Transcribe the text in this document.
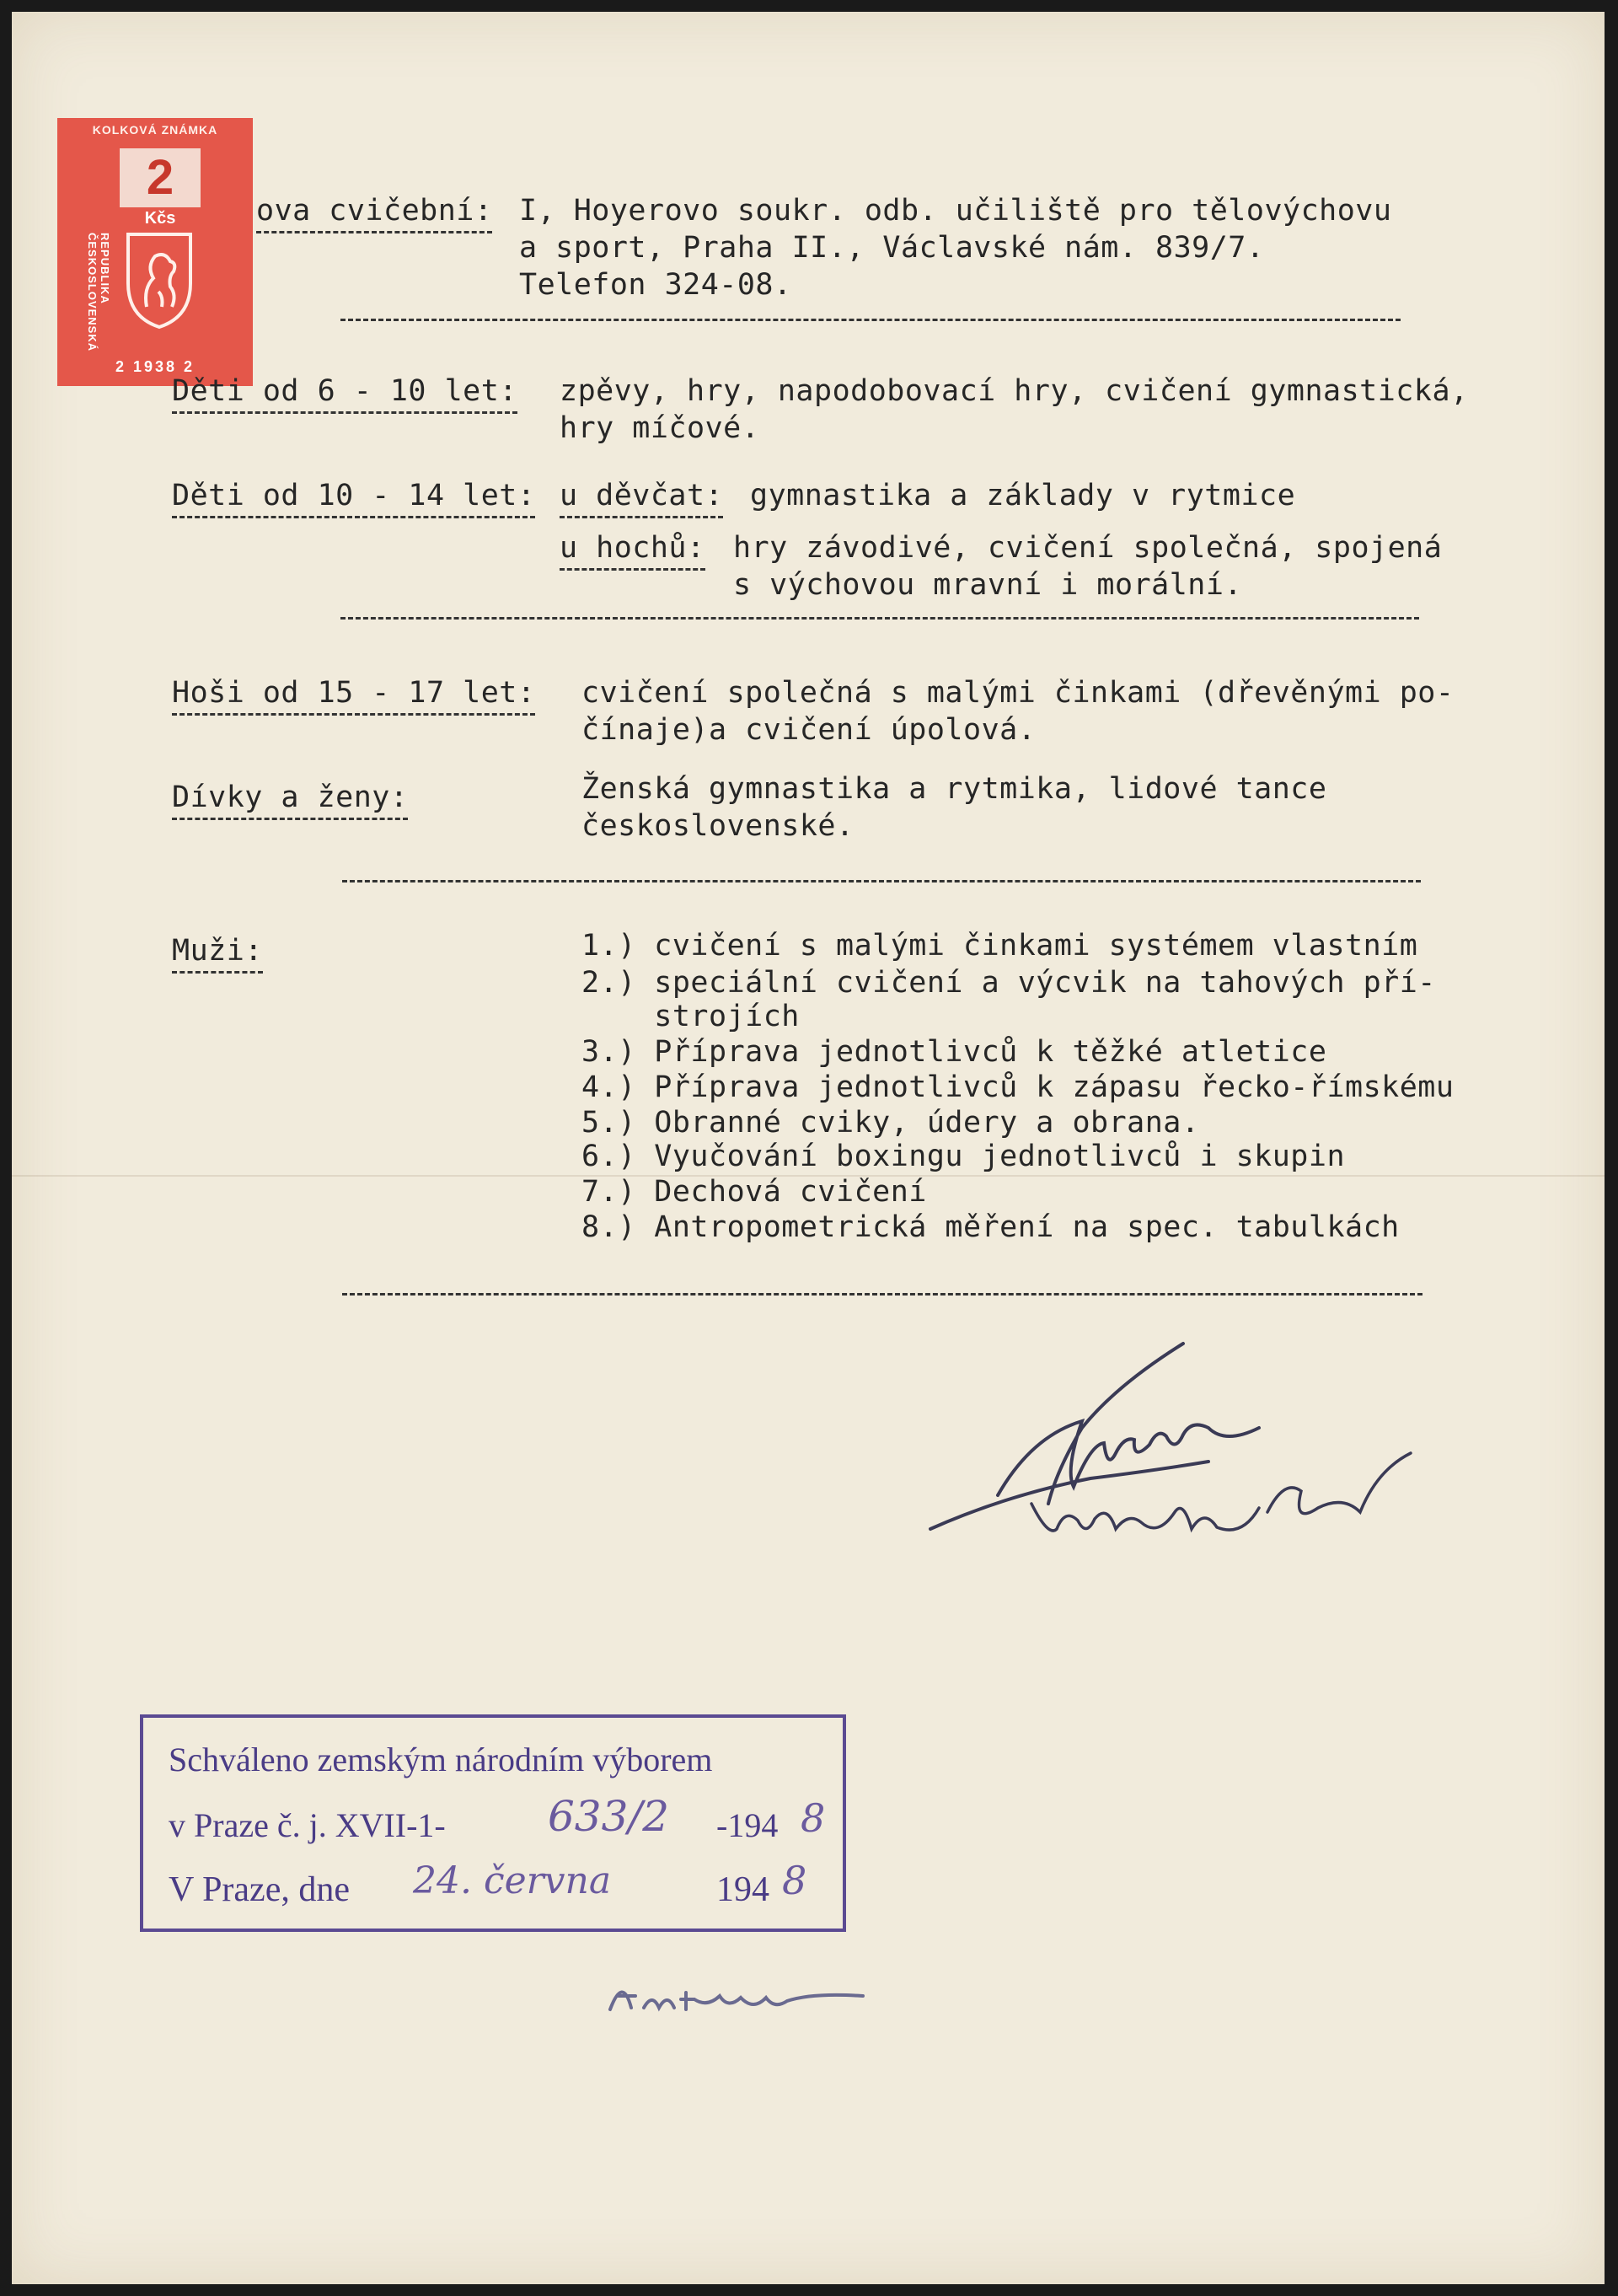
KOLKOVÁ ZNÁMKA
2
Kčs
REPUBLIKA ČESKOSLOVENSKÁ
2 1938 2
ova cvičební: I, Hoyerovo soukr. odb. učiliště pro tělovýchovu
a sport, Praha II., Václavské nám. 839/7.
Telefon 324-08.
Děti od 6 - 10 let: zpěvy, hry, napodobovací hry, cvičení gymnastická,
hry míčové.
Děti od 10 - 14 let: u děvčat: gymnastika a základy v rytmice
u hochů: hry závodivé, cvičení společná, spojená
s výchovou mravní i morální.
Hoši od 15 - 17 let: cvičení společná s malými činkami (dřevěnými po-
čínaje)a cvičení úpolová.
Dívky a ženy:	Ženská gymnastika a rytmika, lidové tance
československé.
Muži:	1.) cvičení s malými činkami systémem vlastním
2.) speciální cvičení a výcvik na tahových pří-
strojích
3.) Příprava jednotlivců k těžké atletice
4.) Příprava jednotlivců k zápasu řecko-římskému
5.) Obranné cviky, údery a obrana.
6.) Vyučování boxingu jednotlivců i skupin
7.) Dechová cvičení
8.) Antropometrická měření na spec. tabulkách
Schváleno zemským národním výborem
v Praze č. j. XVII-1- 633/2 -194 8
V Praze, dne 24. června	194 8
